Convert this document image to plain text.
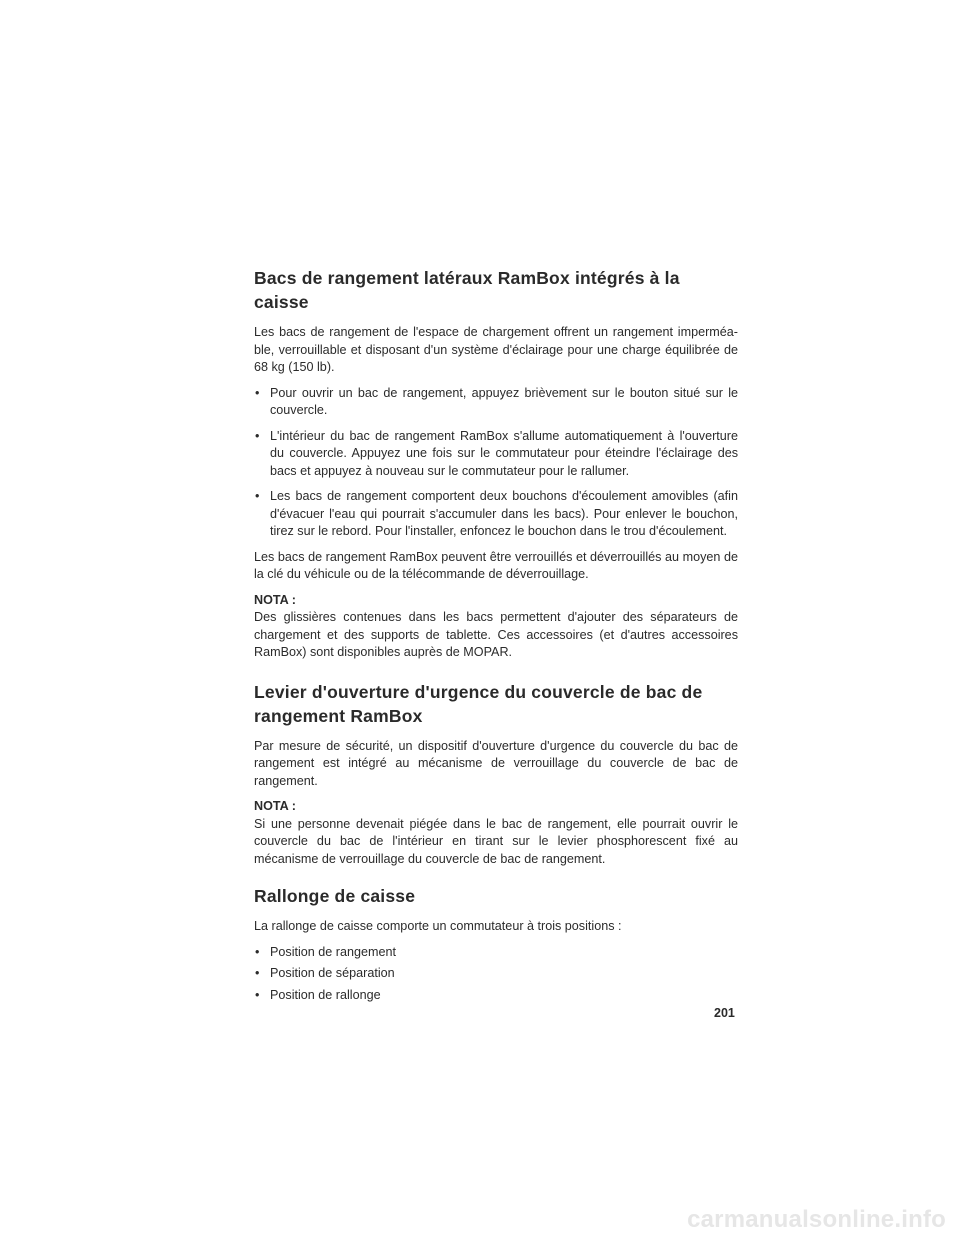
Bacs de rangement latéraux RamBox intégrés à la caisse

Les bacs de rangement de l'espace de chargement offrent un rangement imperméa-ble, verrouillable et disposant d'un système d'éclairage pour une charge équilibrée de 68 kg (150 lb).

• Pour ouvrir un bac de rangement, appuyez brièvement sur le bouton situé sur le couvercle.
• L'intérieur du bac de rangement RamBox s'allume automatiquement à l'ouverture du couvercle. Appuyez une fois sur le commutateur pour éteindre l'éclairage des bacs et appuyez à nouveau sur le commutateur pour le rallumer.
• Les bacs de rangement comportent deux bouchons d'écoulement amovibles (afin d'évacuer l'eau qui pourrait s'accumuler dans les bacs). Pour enlever le bouchon, tirez sur le rebord. Pour l'installer, enfoncez le bouchon dans le trou d'écoulement.

Les bacs de rangement RamBox peuvent être verrouillés et déverrouillés au moyen de la clé du véhicule ou de la télécommande de déverrouillage.

NOTA :

Des glissières contenues dans les bacs permettent d'ajouter des séparateurs de chargement et des supports de tablette. Ces accessoires (et d'autres accessoires RamBox) sont disponibles auprès de MOPAR.

Levier d'ouverture d'urgence du couvercle de bac de rangement RamBox

Par mesure de sécurité, un dispositif d'ouverture d'urgence du couvercle du bac de rangement est intégré au mécanisme de verrouillage du couvercle de bac de rangement.

NOTA :

Si une personne devenait piégée dans le bac de rangement, elle pourrait ouvrir le couvercle du bac de l'intérieur en tirant sur le levier phosphorescent fixé au mécanisme de verrouillage du couvercle de bac de rangement.

Rallonge de caisse

La rallonge de caisse comporte un commutateur à trois positions :

• Position de rangement
• Position de séparation
• Position de rallonge
201
carmanualsonline.info
